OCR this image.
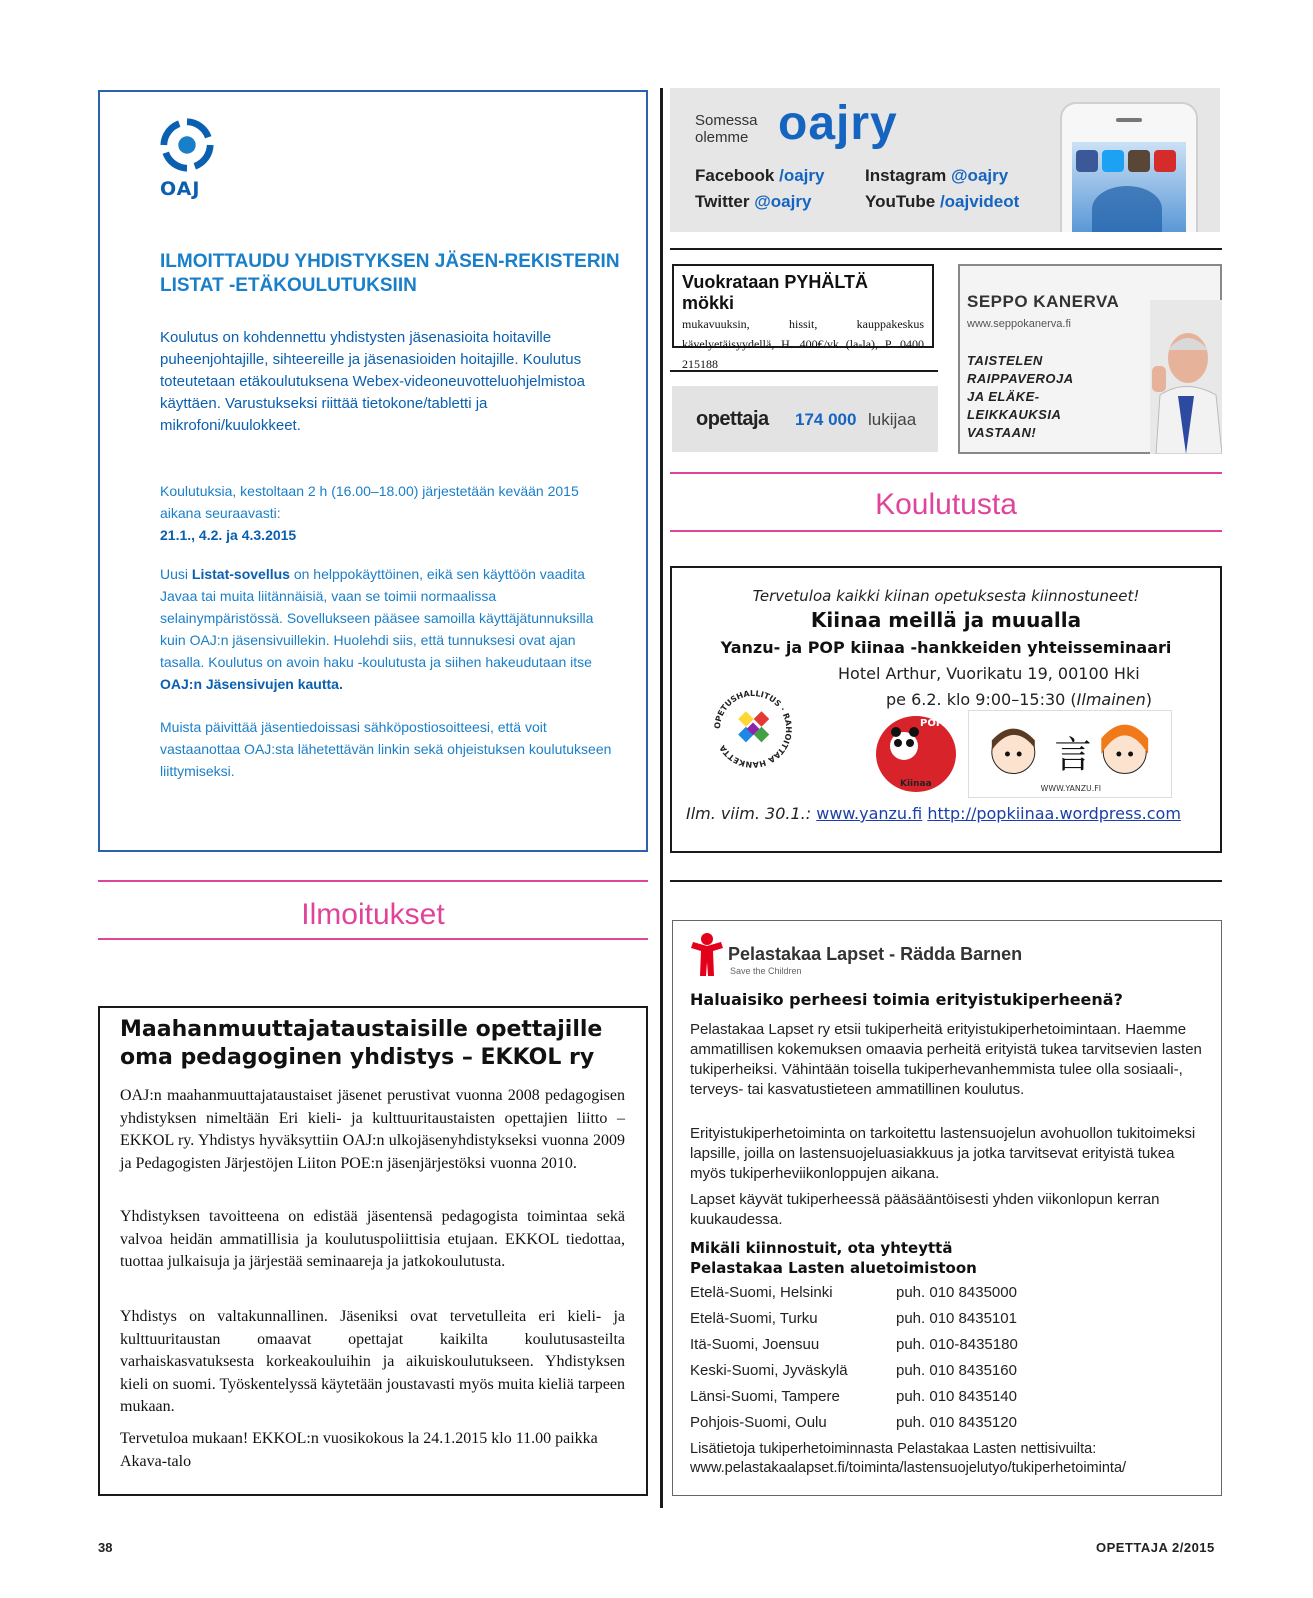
OAJ
ILMOITTAUDU YHDISTYKSEN JÄSEN-REKISTERIN LISTAT -ETÄKOULUTUKSIIN
Koulutus on kohdennettu yhdistysten jäsenasioita hoitaville puheenjohtajille, sihteereille ja jäsenasioiden hoitajille. Koulutus toteutetaan etäkoulutuksena Webex-videoneuvotteluohjelmistoa käyttäen. Varustukseksi riittää tietokone/tabletti ja mikrofoni/kuulokkeet.
Koulutuksia, kestoltaan 2 h (16.00–18.00) järjestetään kevään 2015 aikana seuraavasti:
21.1., 4.2. ja 4.3.2015
Uusi Listat-sovellus on helppokäyttöinen, eikä sen käyttöön vaadita Javaa tai muita liitännäisiä, vaan se toimii normaalissa selainympäristössä. Sovellukseen pääsee samoilla käyttäjätunnuksilla kuin OAJ:n jäsensivuillekin. Huolehdi siis, että tunnuksesi ovat ajan tasalla. Koulutus on avoin haku -koulutusta ja siihen hakeudutaan itse OAJ:n Jäsensivujen kautta.
Muista päivittää jäsentiedoissasi sähköpostiosoitteesi, että voit vastaanottaa OAJ:sta lähetettävän linkin sekä ohjeistuksen koulutukseen liittymiseksi.
Somessa
olemme oajry
Facebook /oajry Instagram @oajry
Twitter @oajry	YouTube /oajvideot
Vuokrataan PYHÄLTÄ mökki
mukavuuksin, hissit, kauppakeskus kävelyetäisyydellä, H. 400€/vk (la-la), P. 0400 215188
opettaja 174 000 lukijaa
SEPPO KANERVA
www.seppokanerva.fi
TAISTELEN
RAIPPAVEROJA
JA ELÄKE-
LEIKKAUKSIA
VASTAAN!
Koulutusta
Tervetuloa kaikki kiinan opetuksesta kiinnostuneet!
Kiinaa meillä ja muualla
Yanzu- ja POP kiinaa -hankkeiden yhteisseminaari
Hotel Arthur, Vuorikatu 19, 00100 Hki
pe 6.2. klo 9:00–15:30 (Ilmainen)
OPETUSHALLITUS · RAHOITTAA HANKETTA
POP
Kiinaa
言
WWW.YANZU.FI
Ilm. viim. 30.1.: www.yanzu.fi http://popkiinaa.wordpress.com
Ilmoitukset
Maahanmuuttajataustaisille opettajille oma pedagoginen yhdistys – EKKOL ry
OAJ:n maahanmuuttajataustaiset jäsenet perustivat vuonna 2008 pedagogisen yhdistyksen nimeltään Eri kieli- ja kulttuuritaustaisten opettajien liitto – EKKOL ry. Yhdistys hyväksyttiin OAJ:n ulkojäsenyhdistykseksi vuonna 2009 ja Pedagogisten Järjestöjen Liiton POE:n jäsenjärjestöksi vuonna 2010.
Yhdistyksen tavoitteena on edistää jäsentensä pedagogista toimintaa sekä valvoa heidän ammatillisia ja koulutuspoliittisia etujaan. EKKOL tiedottaa, tuottaa julkaisuja ja järjestää seminaareja ja jatkokoulutusta.
Yhdistys on valtakunnallinen. Jäseniksi ovat tervetulleita eri kieli- ja kulttuuritaustan omaavat opettajat kaikilta koulutusasteilta varhaiskasvatuksesta korkeakouluihin ja aikuiskoulutukseen. Yhdistyksen kieli on suomi. Työskentelyssä käytetään joustavasti myös muita kieliä tarpeen mukaan.
Tervetuloa mukaan! EKKOL:n vuosikokous la 24.1.2015 klo 11.00 paikka Akava-talo
Pelastakaa Lapset - Rädda Barnen
Save the Children
Haluaisiko perheesi toimia erityistukiperheenä?
Pelastakaa Lapset ry etsii tukiperheitä erityistukiperhetoimintaan. Haemme ammatillisen kokemuksen omaavia perheitä erityistä tukea tarvitsevien lasten tukiperheiksi. Vähintään toisella tukiperhevanhemmista tulee olla sosiaali-, terveys- tai kasvatustieteen ammatillinen koulutus.
Erityistukiperhetoiminta on tarkoitettu lastensuojelun avohuollon tukitoimeksi lapsille, joilla on lastensuojeluasiakkuus ja jotka tarvitsevat erityistä tukea myös tukiperheviikonloppujen aikana.
Lapset käyvät tukiperheessä pääsääntöisesti yhden viikonlopun kerran kuukaudessa.
Mikäli kiinnostuit, ota yhteyttä
Pelastakaa Lasten aluetoimistoon
Etelä-Suomi, Helsinki	puh. 010 8435000
Etelä-Suomi, Turku	puh. 010 8435101
Itä-Suomi, Joensuu	puh. 010-8435180
Keski-Suomi, Jyväskylä	puh. 010 8435160
Länsi-Suomi, Tampere	puh. 010 8435140
Pohjois-Suomi, Oulu	puh. 010 8435120
Lisätietoja tukiperhetoiminnasta Pelastakaa Lasten nettisivuilta:
www.pelastakaalapset.fi/toiminta/lastensuojelutyo/tukiperhetoiminta/
38	OPETTAJA 2/2015
